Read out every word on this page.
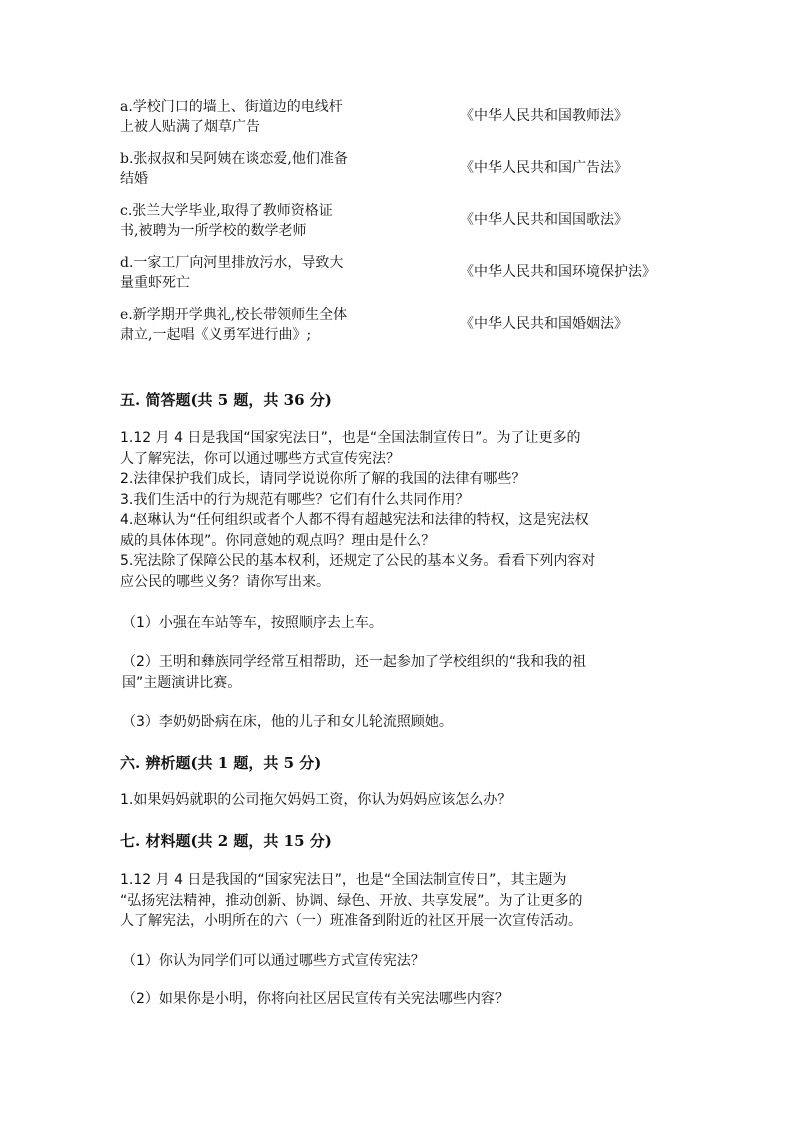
a.学校门口的墙上、街道边的电线杆
上被人贴满了烟草广告
《中华人民共和国教师法》
b.张叔叔和吴阿姨在谈恋爱,他们准备
结婚
《中华人民共和国广告法》
c.张兰大学毕业,取得了教师资格证
书,被聘为一所学校的数学老师
《中华人民共和国国歌法》
d.一家工厂向河里排放污水，导致大
量重虾死亡
《中华人民共和国环境保护法》
e.新学期开学典礼,校长带领师生全体
肃立,一起唱《义勇军进行曲》;
《中华人民共和国婚姻法》
五. 简答题(共 5 题，共 36 分)
1.12 月 4 日是我国“国家宪法日”，也是“全国法制宣传日”。为了让更多的
人了解宪法，你可以通过哪些方式宣传宪法？
2.法律保护我们成长，请同学说说你所了解的我国的法律有哪些？
3.我们生活中的行为规范有哪些？它们有什么共同作用？
4.赵琳认为“任何组织或者个人都不得有超越宪法和法律的特权，这是宪法权
威的具体体现”。你同意她的观点吗？理由是什么？
5.宪法除了保障公民的基本权利，还规定了公民的基本义务。看看下列内容对
应公民的哪些义务？请你写出来。
（1）小强在车站等车，按照顺序去上车。
（2）王明和彝族同学经常互相帮助，还一起参加了学校组织的“我和我的祖
国”主题演讲比赛。
（3）李奶奶卧病在床，他的儿子和女儿轮流照顾她。
六. 辨析题(共 1 题，共 5 分)
1.如果妈妈就职的公司拖欠妈妈工资，你认为妈妈应该怎么办？
七. 材料题(共 2 题，共 15 分)
1.12 月 4 日是我国的“国家宪法日”，也是“全国法制宣传日”，其主题为
“弘扬宪法精神，推动创新、协调、绿色、开放、共享发展”。为了让更多的
人了解宪法，小明所在的六（一）班准备到附近的社区开展一次宣传活动。
（1）你认为同学们可以通过哪些方式宣传宪法？
（2）如果你是小明，你将向社区居民宣传有关宪法哪些内容？
